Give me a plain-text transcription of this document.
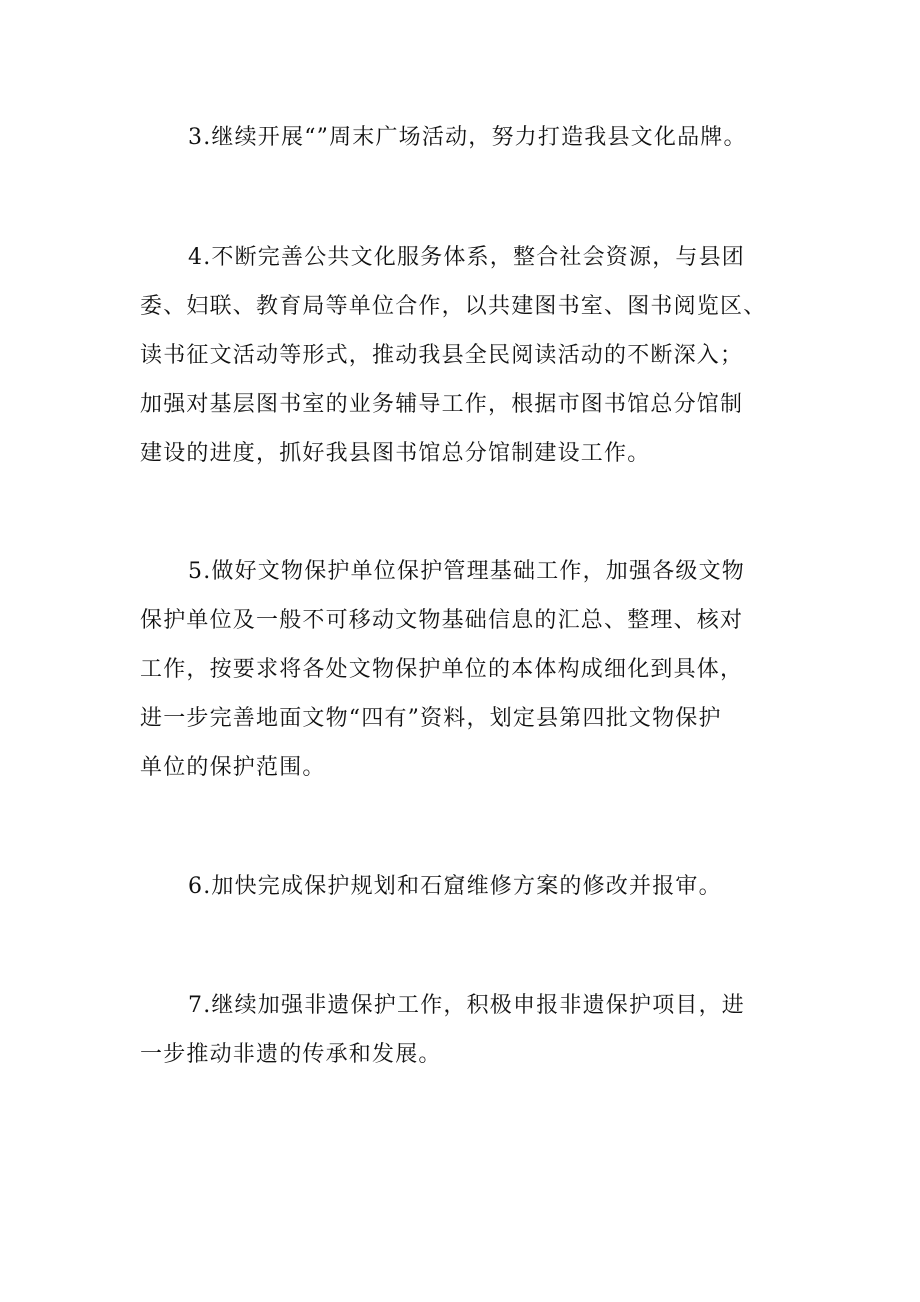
3.继续开展“”周末广场活动，努力打造我县文化品牌。

4.不断完善公共文化服务体系，整合社会资源，与县团
委、妇联、教育局等单位合作，以共建图书室、图书阅览区、
读书征文活动等形式，推动我县全民阅读活动的不断深入；
加强对基层图书室的业务辅导工作，根据市图书馆总分馆制
建设的进度，抓好我县图书馆总分馆制建设工作。

5.做好文物保护单位保护管理基础工作，加强各级文物
保护单位及一般不可移动文物基础信息的汇总、整理、核对
工作，按要求将各处文物保护单位的本体构成细化到具体，
进一步完善地面文物“四有”资料，划定县第四批文物保护
单位的保护范围。

6.加快完成保护规划和石窟维修方案的修改并报审。

7.继续加强非遗保护工作，积极申报非遗保护项目，进
一步推动非遗的传承和发展。
